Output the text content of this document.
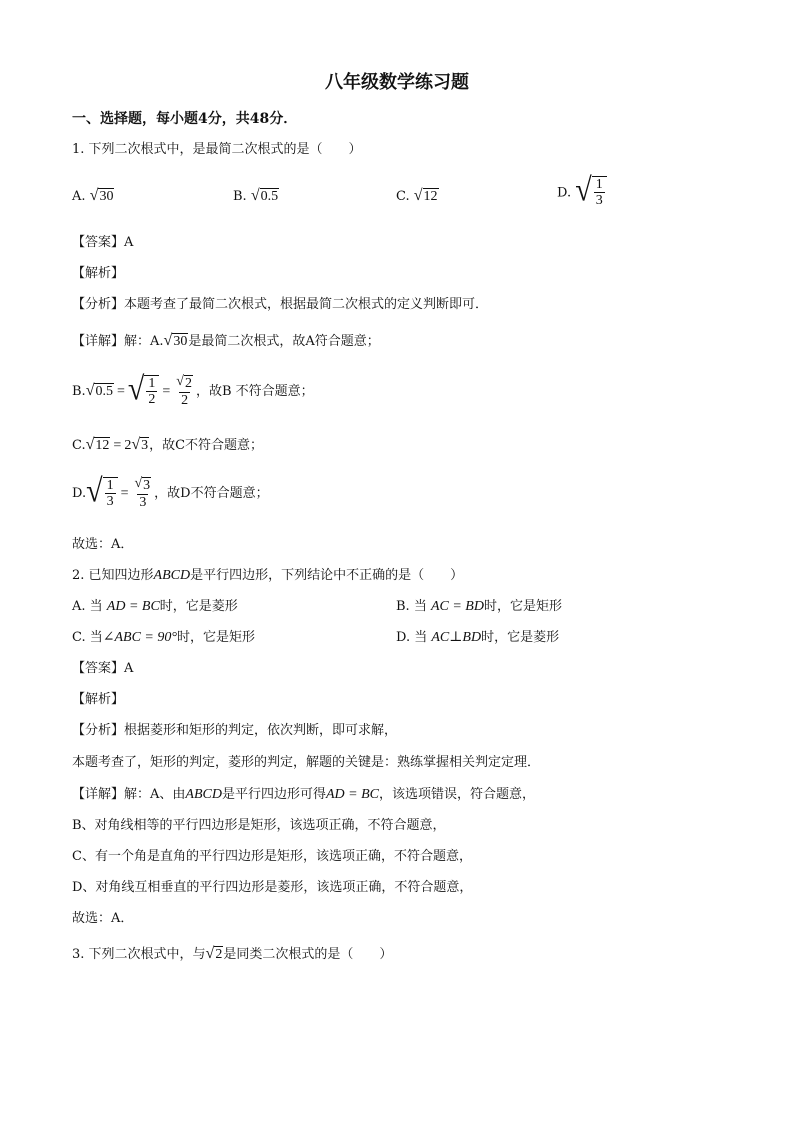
八年级数学练习题
一、选择题，每小题4分，共48分．
1. 下列二次根式中，是最简二次根式的是（　　）
A. √ 30	B. √ 0.5	C. √ 12	D. √ $\frac{1}{3}$
【答案】A
【解析】
【分析】本题考查了最简二次根式，根据最简二次根式的定义判断即可．
【详解】解：A. √ 30 是最简二次根式，故A符合题意；
B. √ 0.5 = √ $\frac{1}{2} = \frac{√ 2}{2}$ ，故B 不符合题意；
C. √ 12 = 2 √ 3 ，故C不符合题意；
D. √ $\frac{1}{3} = \frac{√ 3}{3}$ ，故D不符合题意；
故选：A．
2. 已知四边形ABCD是平行四边形，下列结论中不正确的是（　　）
A. 当 AD = BC时，它是菱形	B. 当 AC = BD时，它是矩形
C. 当∠ABC = 90°时，它是矩形	D. 当 AC⊥BD时，它是菱形
【答案】A
【解析】
【分析】根据菱形和矩形的判定，依次判断，即可求解，
本题考查了，矩形的判定，菱形的判定，解题的关键是：熟练掌握相关判定定理．
【详解】解：A、由ABCD是平行四边形可得AD = BC，该选项错误，符合题意，
B、对角线相等的平行四边形是矩形，该选项正确，不符合题意，
C、有一个角是直角的平行四边形是矩形，该选项正确，不符合题意，
D、对角线互相垂直的平行四边形是菱形，该选项正确，不符合题意，
故选：A．
3. 下列二次根式中，与 √ 2 是同类二次根式的是（　　）
